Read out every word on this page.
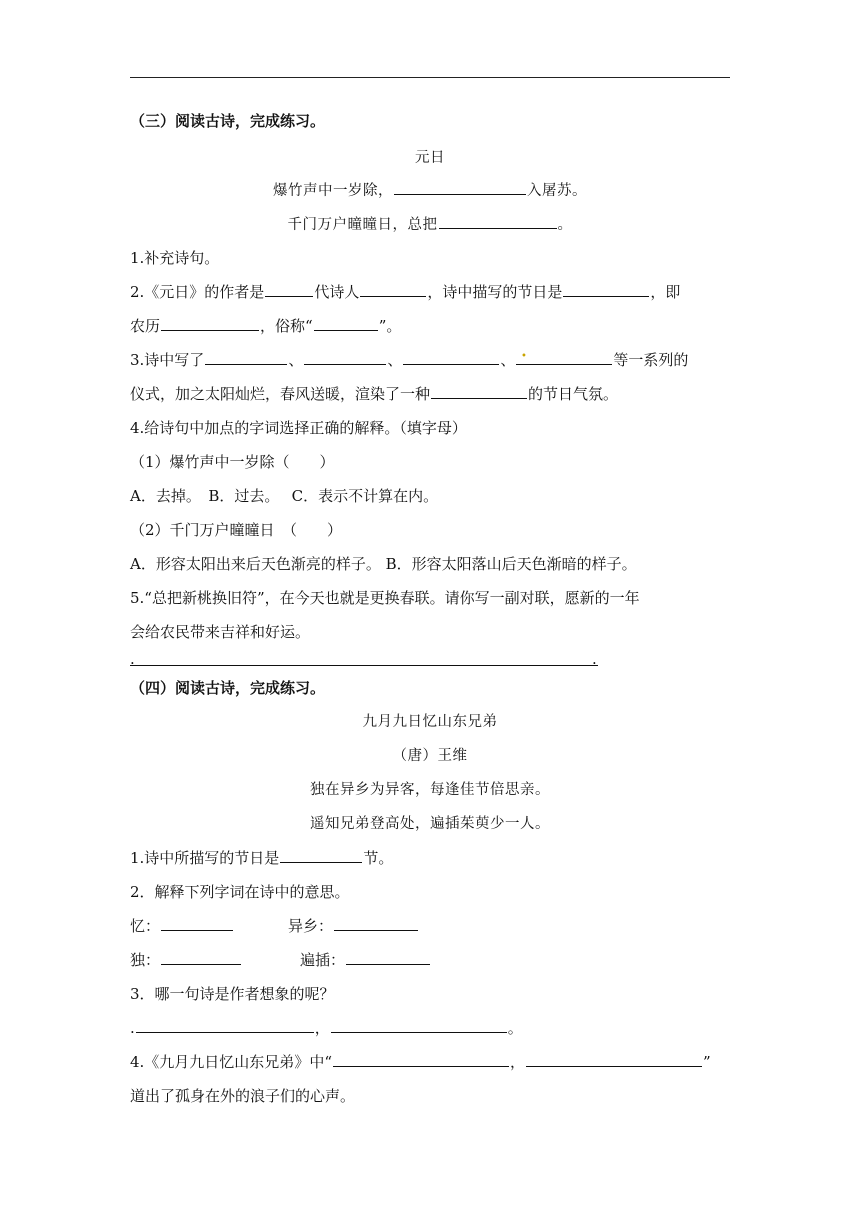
（三）阅读古诗，完成练习。
元日
爆竹声中一岁除，	入屠苏。
千门万户曈曈日，总把	。
1.补充诗句。
2.《元日》的作者是	代诗人	，诗中描写的节日是	，即
农历	，俗称“	”。
3.诗中写了	、	、	、	等一系列的
•
仪式，加之太阳灿烂，春风送暖，渲染了一种	的节日气氛。
4.给诗句中加点的字词选择正确的解释。（填字母）
（1）爆竹声中一岁除（　　）
A．去掉。　B．过去。　 C．表示不计算在内。
（2）千门万户曈曈日　（　　）
A．形容太阳出来后天色渐亮的样子。 B．形容太阳落山后天色渐暗的样子。
5.“总把新桃换旧符”，在今天也就是更换春联。请你写一副对联，愿新的一年
会给农民带来吉祥和好运。
.	.
（四）阅读古诗，完成练习。
九月九日忆山东兄弟
（唐）王维
独在异乡为异客，每逢佳节倍思亲。
遥知兄弟登高处，遍插茱萸少一人。
1.诗中所描写的节日是	节。
2．解释下列字词在诗中的意思。
忆：	异乡：
独：	遍插：
3．哪一句诗是作者想象的呢？
.	，	。
4.《九月九日忆山东兄弟》中“	，	”
道出了孤身在外的浪子们的心声。
